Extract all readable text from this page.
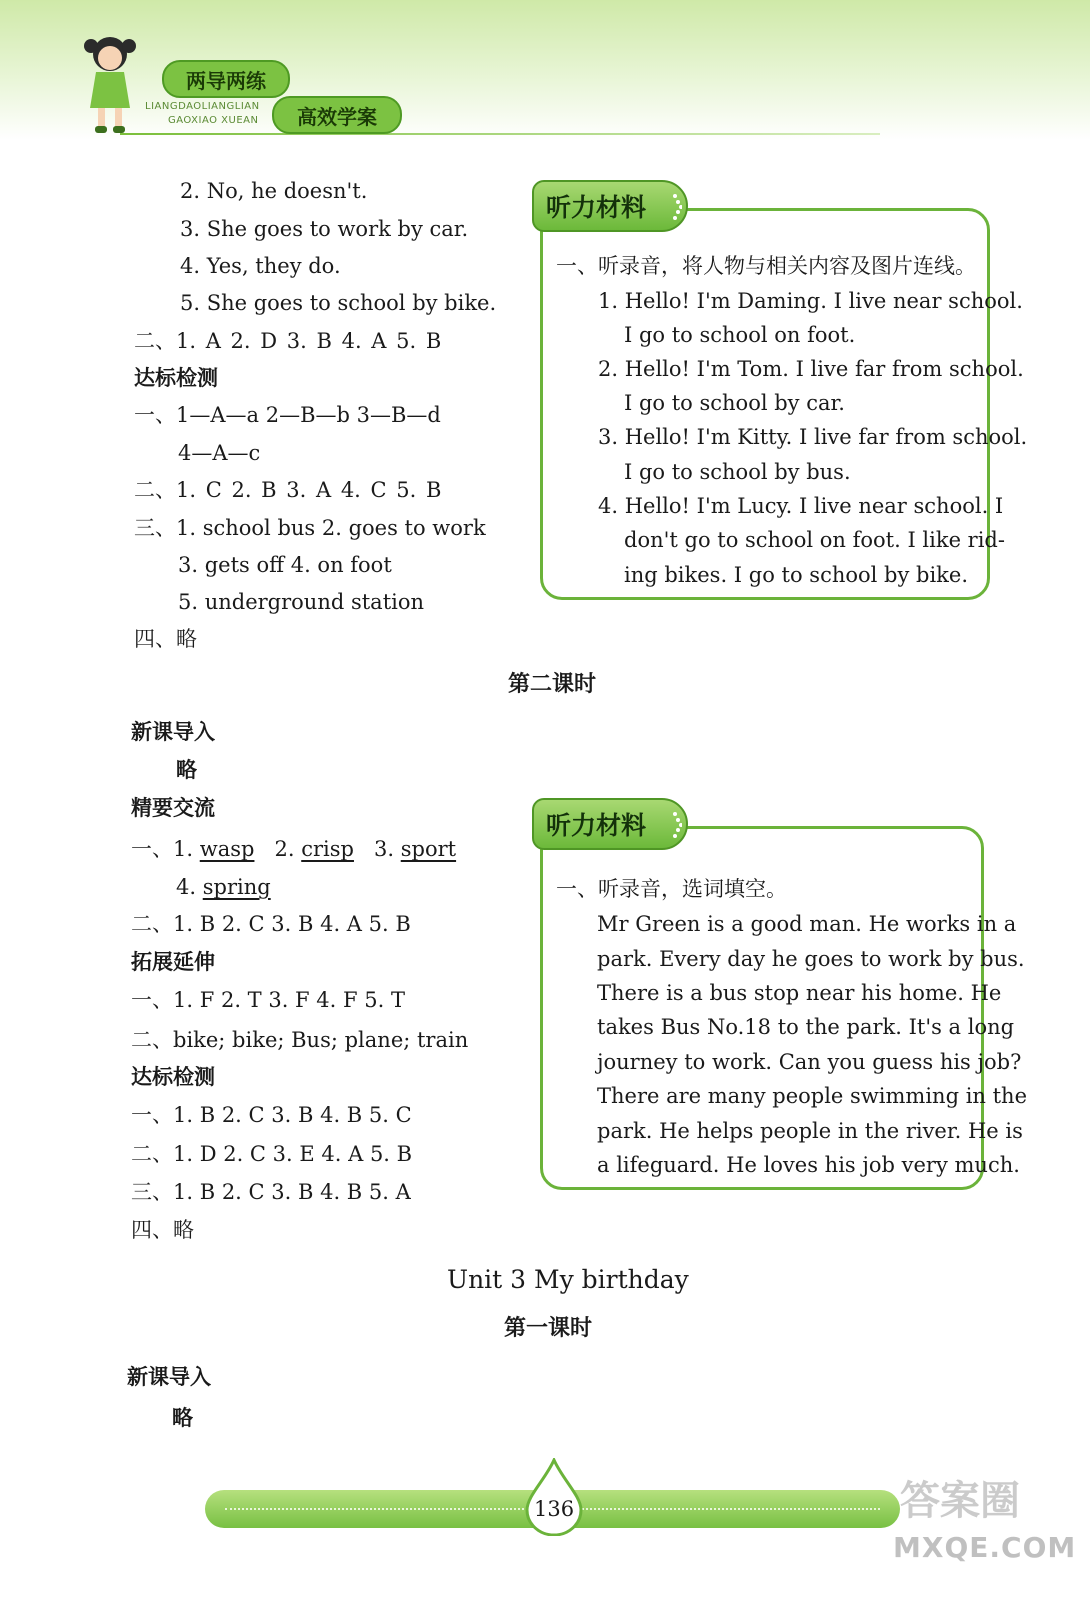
两导两练
LIANGDAOLIANGLIAN
GAOXIAO XUEAN 高效学案
2. No, he doesn't.
3. She goes to work by car.
4. Yes, they do.
5. She goes to school by bike.
二、1. A 2. D 3. B 4. A 5. B
达标检测
一、1—A—a 2—B—b 3—B—d
4—A—c
二、1. C 2. B 3. A 4. C 5. B
三、1. school bus 2. goes to work
3. gets off 4. on foot
5. underground station
四、略
听力材料
一、听录音，将人物与相关内容及图片连线。
1. Hello! I'm Daming. I live near school.
I go to school on foot.
2. Hello! I'm Tom. I live far from school.
I go to school by car.
3. Hello! I'm Kitty. I live far from school.
I go to school by bus.
4. Hello! I'm Lucy. I live near school. I
don't go to school on foot. I like rid-
ing bikes. I go to school by bike.
第二课时
新课导入
略
精要交流
一、1. wasp 2. crisp 3. sport
4. spring
二、1. B 2. C 3. B 4. A 5. B
拓展延伸
一、1. F 2. T 3. F 4. F 5. T
二、bike; bike; Bus; plane; train
达标检测
一、1. B 2. C 3. B 4. B 5. C
二、1. D 2. C 3. E 4. A 5. B
三、1. B 2. C 3. B 4. B 5. A
四、略
听力材料
一、听录音，选词填空。
Mr Green is a good man. He works in a
park. Every day he goes to work by bus.
There is a bus stop near his home. He
takes Bus No.18 to the park. It's a long
journey to work. Can you guess his job?
There are many people swimming in the
park. He helps people in the river. He is
a lifeguard. He loves his job very much.
Unit 3 My birthday
第一课时
新课导入
略
136	答案圈
MXQE.COM
